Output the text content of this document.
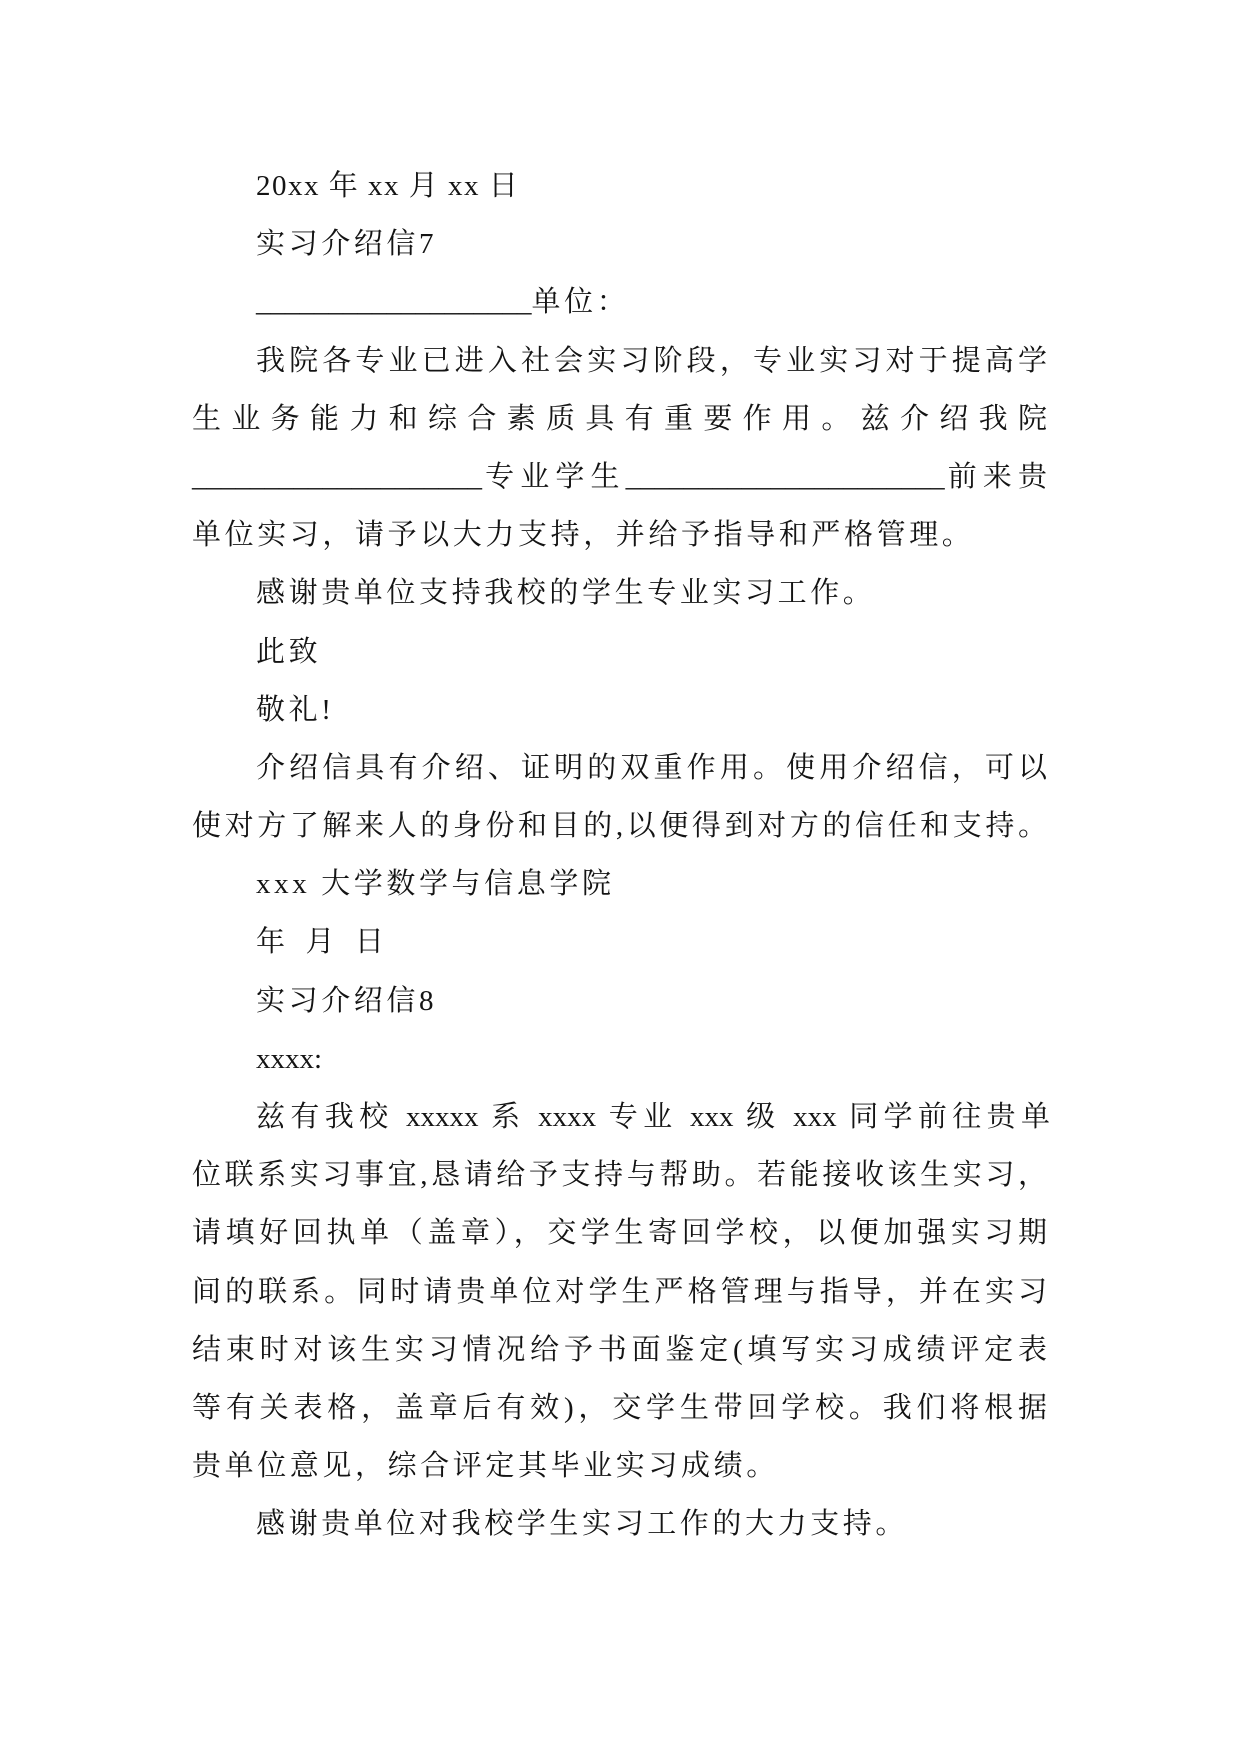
20xx 年 xx 月 xx 日
实习介绍信7
___________________单位：
我院各专业已进入社会实习阶段，专业实习对于提高学
生业务能力和综合素质具有重要作用。兹介绍我院
____________________专业学生______________________前来贵
单位实习，请予以大力支持，并给予指导和严格管理。
感谢贵单位支持我校的学生专业实习工作。
此致
敬礼!
介绍信具有介绍、证明的双重作用。使用介绍信，可以
使对方了解来人的身份和目的,以便得到对方的信任和支持。
xxx 大学数学与信息学院
年 月 日
实习介绍信8
xxxx:
兹有我校 xxxxx 系 xxxx 专业 xxx 级 xxx 同学前往贵单
位联系实习事宜,恳请给予支持与帮助。若能接收该生实习，
请填好回执单（盖章），交学生寄回学校，以便加强实习期
间的联系。同时请贵单位对学生严格管理与指导，并在实习
结束时对该生实习情况给予书面鉴定(填写实习成绩评定表
等有关表格，盖章后有效)，交学生带回学校。我们将根据
贵单位意见，综合评定其毕业实习成绩。
感谢贵单位对我校学生实习工作的大力支持。
